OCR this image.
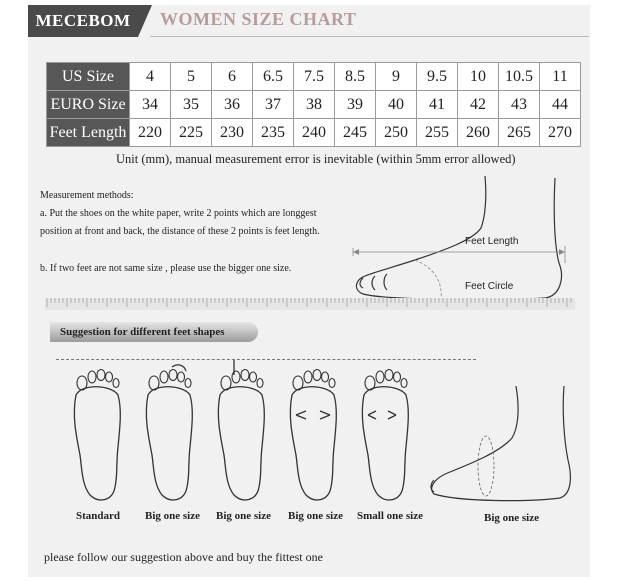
MECEBOM	WOMEN SIZE CHART
US Size	4	5	6	6.5	7.5	8.5	9	9.5	10	10.5	11
EURO Size	34	35	36	37	38	39	40	41	42	43	44
Feet Length	220	225	230	235	240	245	250	255	260	265	270
Unit (mm), manual measurement error is inevitable (within 5mm error allowed)
Measurement methods:
a. Put the shoes on the white paper, write 2 points which are longgest
position at front and back, the distance of these 2 points is feet length.
b. If two feet are not same size , please use the bigger one size.
Feet Length
Feet Circle
Suggestion for different feet shapes
Standard Big one size Big one size Big one size Small one size	Big one size
please follow our suggestion above and buy the fittest one
